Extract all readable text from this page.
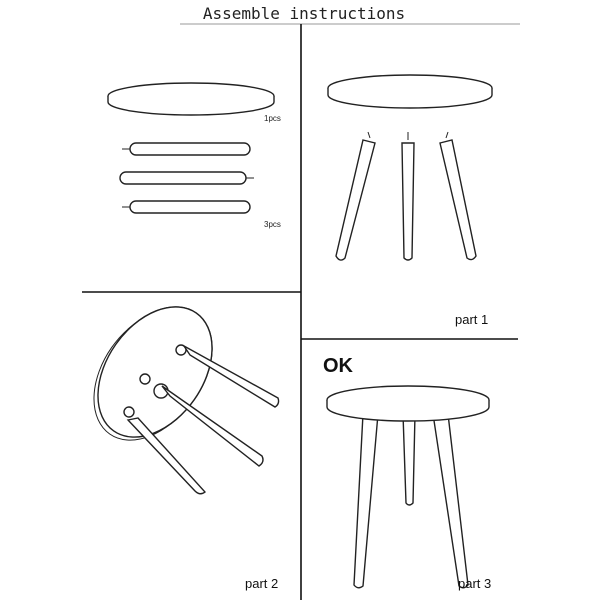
Assemble instructions
1pcs
3pcs
part 1
part 2
OK
part 3
